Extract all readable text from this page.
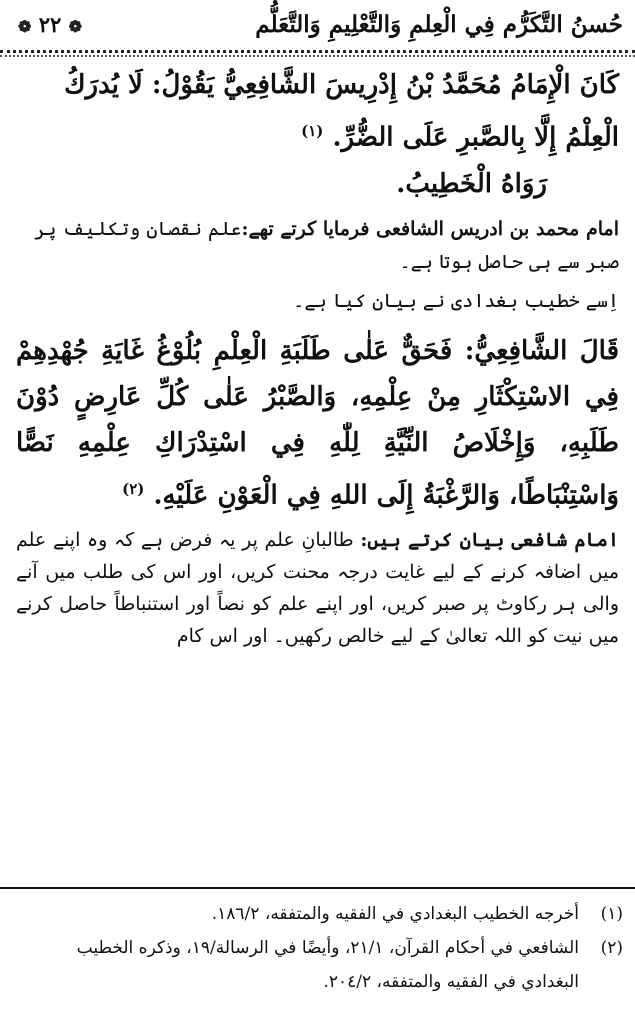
حُسنُ التَّكَرُّم فِي الْعِلمِ وَالتَّعْلِيمِ وَالتَّعَلُّم
❁ ٢٢ ❁

كَانَ الْإِمَامُ مُحَمَّدُ بْنُ إِدْرِيسَ الشَّافِعِيُّ يَقُوْلُ: لَا يُدرَكُ
الْعِلْمُ إِلَّا بِالصَّبرِ عَلَى الضُّرِّ. $^{(١)}$

رَوَاهُ الْخَطِيبُ.

امام محمد بن ادریس الشافعی فرمایا کرتے تھے:علم نقصان وتکلیف پر صبر سے ہی حاصل ہوتا ہے۔

اِسے خطیب بغدادی نے بیان کیا ہے۔

قَالَ الشَّافِعِيُّ: فَحَقٌّ عَلٰى طَلَبَةِ الْعِلْمِ بُلُوْغُ غَايَةِ جُهْدِهِمْ فِي الاسْتِكْثَارِ مِنْ عِلْمِهِ، وَالصَّبْرُ عَلٰى كُلِّ عَارِضٍ دُوْنَ طَلَبِهِ، وَإِخْلَاصُ النِّيَّةِ لِلّٰهِ فِي اسْتِدْرَاكِ عِلْمِهِ نَصًّا وَاسْتِنْبَاطًا، وَالرَّغْبَةُ إِلَى اللهِ فِي الْعَوْنِ عَلَيْهِ. $^{(٢)}$

امام شافعی بیان کرتے ہیں: طالبانِ علم پر یہ فرض ہے کہ وہ اپنے علم میں اضافہ کرنے کے لیے غایت درجہ محنت کریں، اور اس کی طلب میں آنے والی ہر رکاوٹ پر صبر کریں، اور اپنے علم کو نصاً اور استنباطاً حاصل کرنے میں نیت کو اللہ تعالیٰ کے لیے خالص رکھیں۔ اور اس کام

(١)
أخرجه الخطيب البغدادي في الفقيه والمتفقه، ١٨٦/٢.
(٢)
الشافعي في أحكام القرآن، ٢١/١، وأيضًا في الرسالة/١٩، وذكره الخطيب البغدادي في الفقيه والمتفقه، ٢٠٤/٢.
